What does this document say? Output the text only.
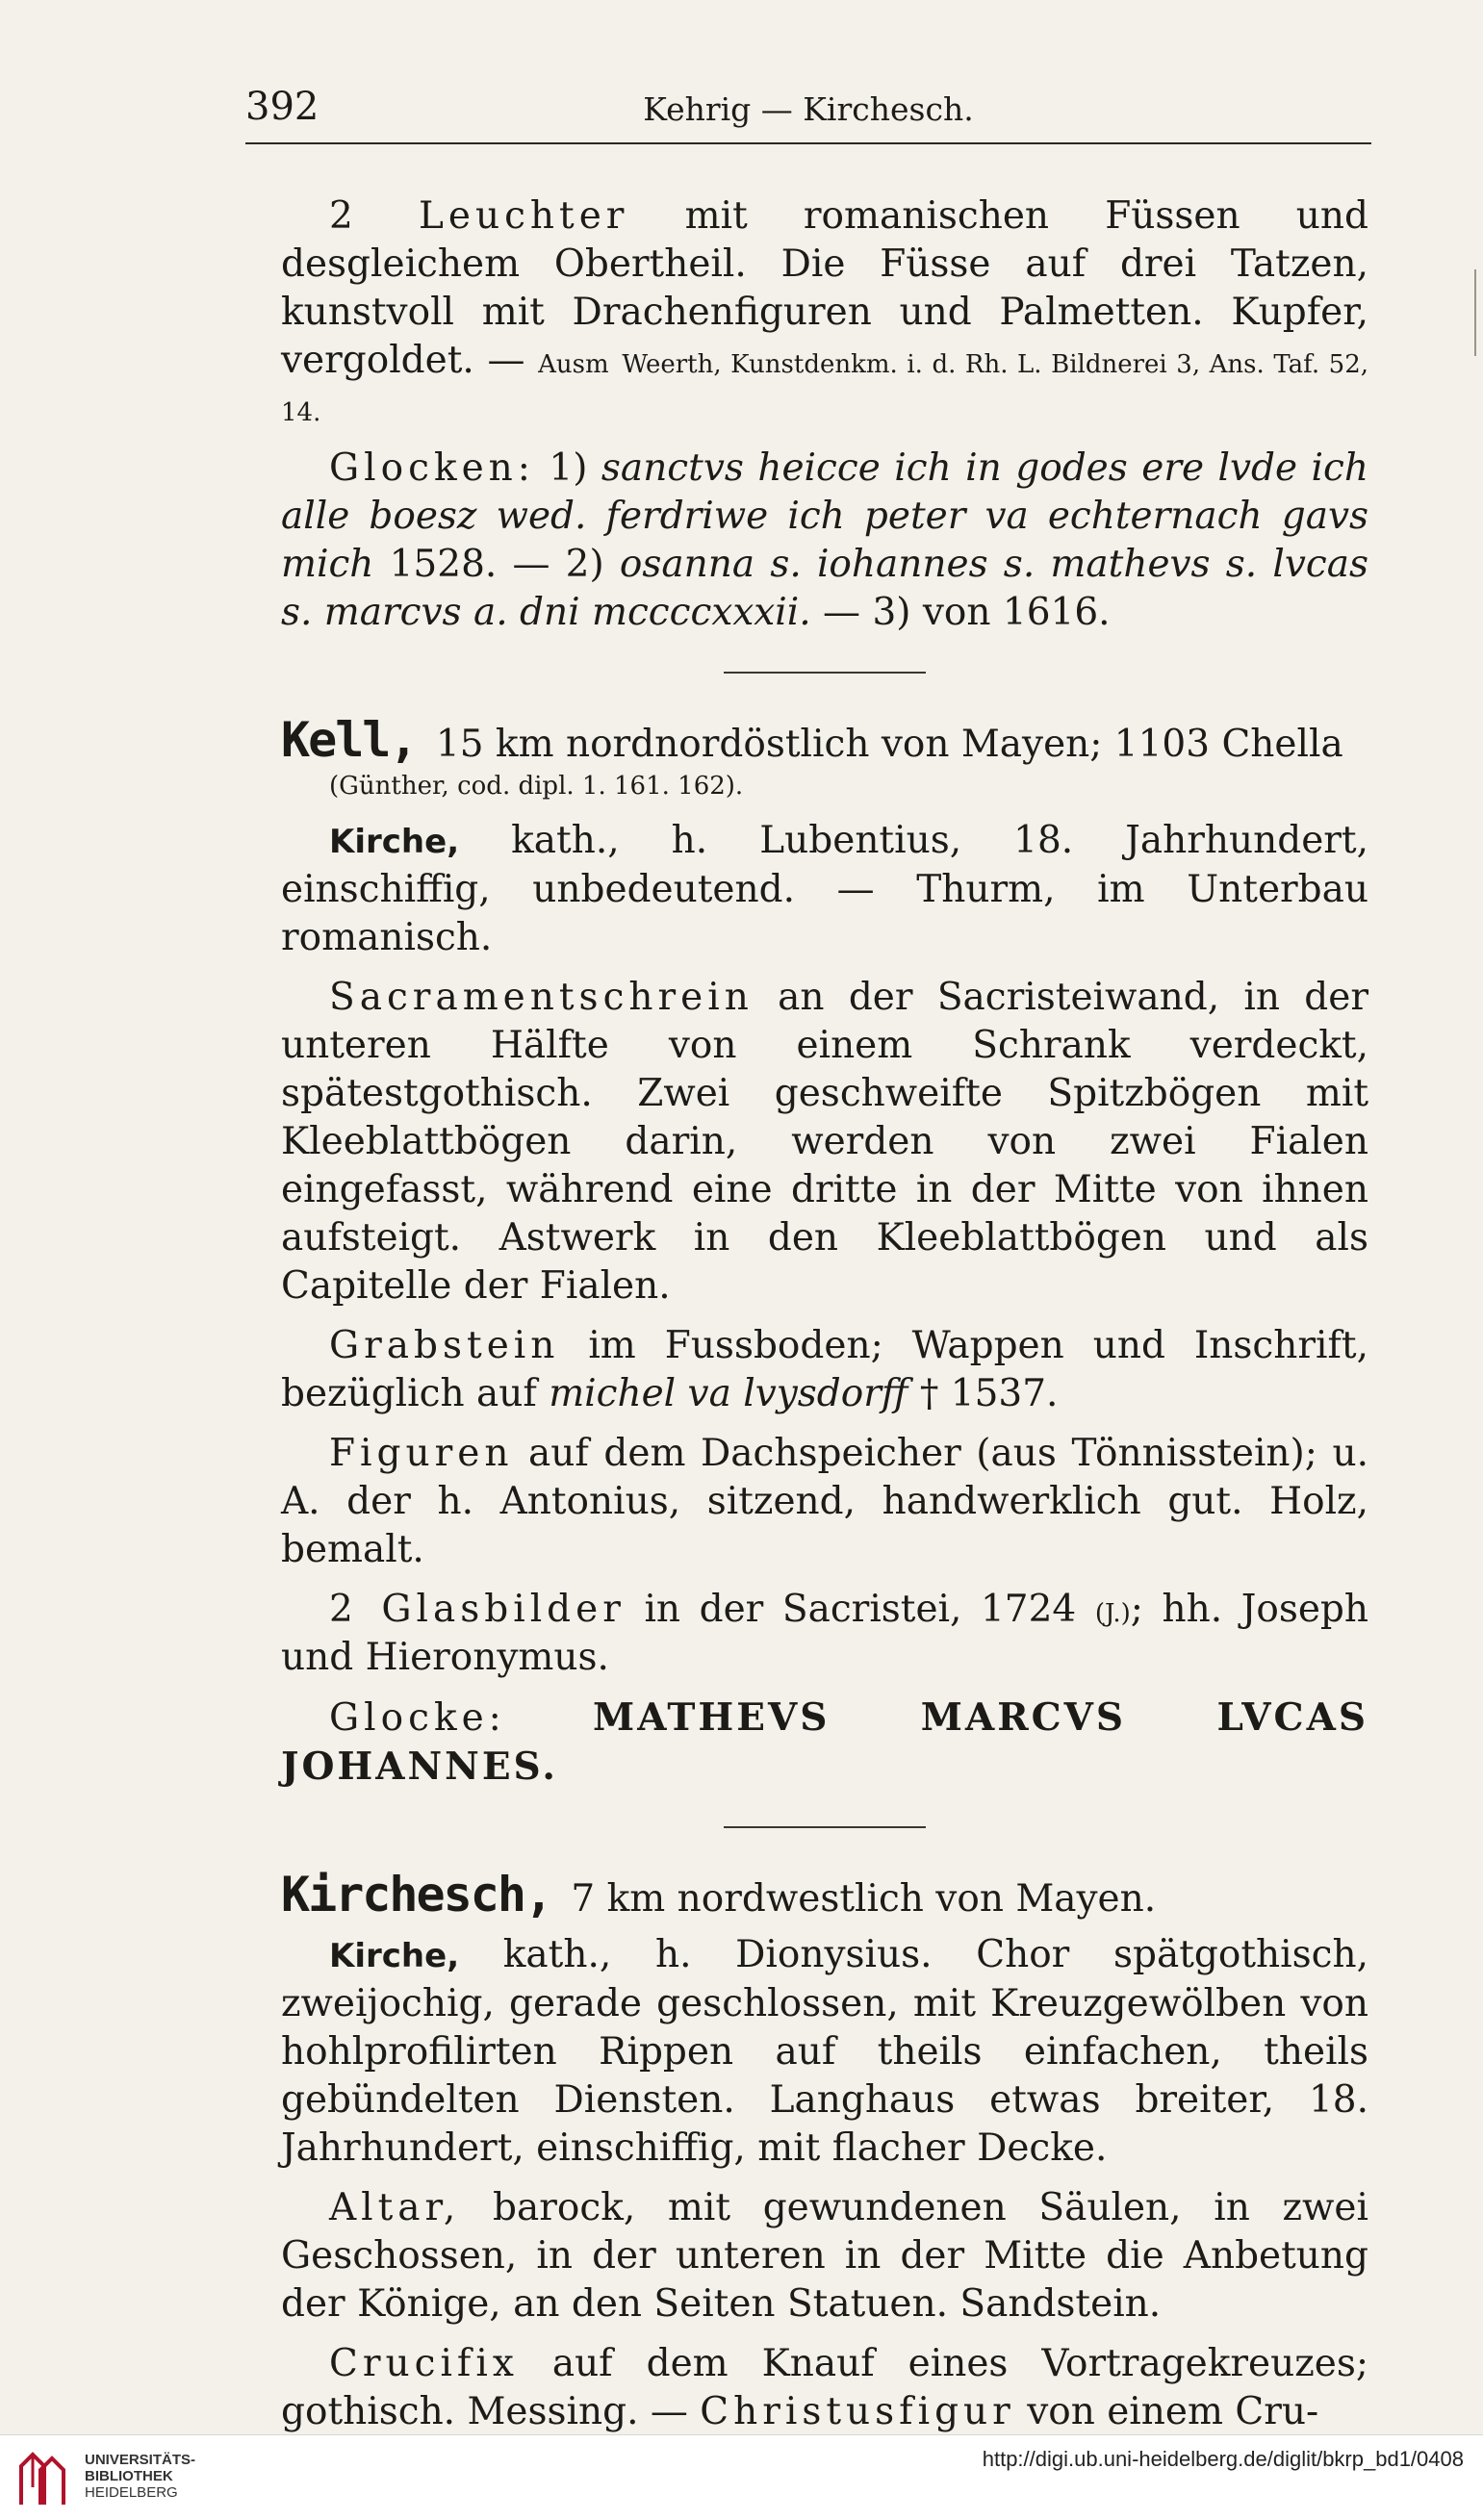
392	Kehrig — Kirchesch.

2 Leuchter mit romanischen Füssen und desgleichem Obertheil. Die Füsse auf drei Tatzen, kunstvoll mit Drachenfiguren und Palmetten. Kupfer, vergoldet. — Ausm Weerth, Kunstdenkm. i. d. Rh. L. Bildnerei 3, Ans. Taf. 52, 14.

Glocken: 1) sanctvs heicce ich in godes ere lvde ich alle boesz wed. ferdriwe ich peter va echternach gavs mich 1528. — 2) osanna s. iohannes s. mathevs s. lvcas s. marcvs a. dni mccccxxxii. — 3) von 1616.

Kell, 15 km nordnordöstlich von Mayen; 1103 Chella

(Günther, cod. dipl. 1. 161. 162).

Kirche, kath., h. Lubentius, 18. Jahrhundert, einschiffig, unbedeutend. — Thurm, im Unterbau romanisch.

Sacramentschrein an der Sacristeiwand, in der unteren Hälfte von einem Schrank verdeckt, spätestgothisch. Zwei geschweifte Spitzbögen mit Kleeblattbögen darin, werden von zwei Fialen eingefasst, während eine dritte in der Mitte von ihnen aufsteigt. Astwerk in den Kleeblattbögen und als Capitelle der Fialen.

Grabstein im Fussboden; Wappen und Inschrift, bezüglich auf michel va lvysdorff † 1537.

Figuren auf dem Dachspeicher (aus Tönnisstein); u. A. der h. Antonius, sitzend, handwerklich gut. Holz, bemalt.

2 Glasbilder in der Sacristei, 1724 (J.); hh. Joseph und Hieronymus.

Glocke: MATHEVS MARCVS LVCAS JOHANNES.

Kirchesch, 7 km nordwestlich von Mayen.

Kirche, kath., h. Dionysius. Chor spätgothisch, zweijochig, gerade geschlossen, mit Kreuzgewölben von hohlprofilirten Rippen auf theils einfachen, theils gebündelten Diensten. Langhaus etwas breiter, 18. Jahrhundert, einschiffig, mit flacher Decke.

Altar, barock, mit gewundenen Säulen, in zwei Geschossen, in der unteren in der Mitte die Anbetung der Könige, an den Seiten Statuen. Sandstein.

Crucifix auf dem Knauf eines Vortragekreuzes; gothisch. Messing. — Christusfigur von einem Cru-

UNIVERSITÄTS-
BIBLIOTHEK
HEIDELBERG
http://digi.ub.uni-heidelberg.de/diglit/bkrp_bd1/0408
